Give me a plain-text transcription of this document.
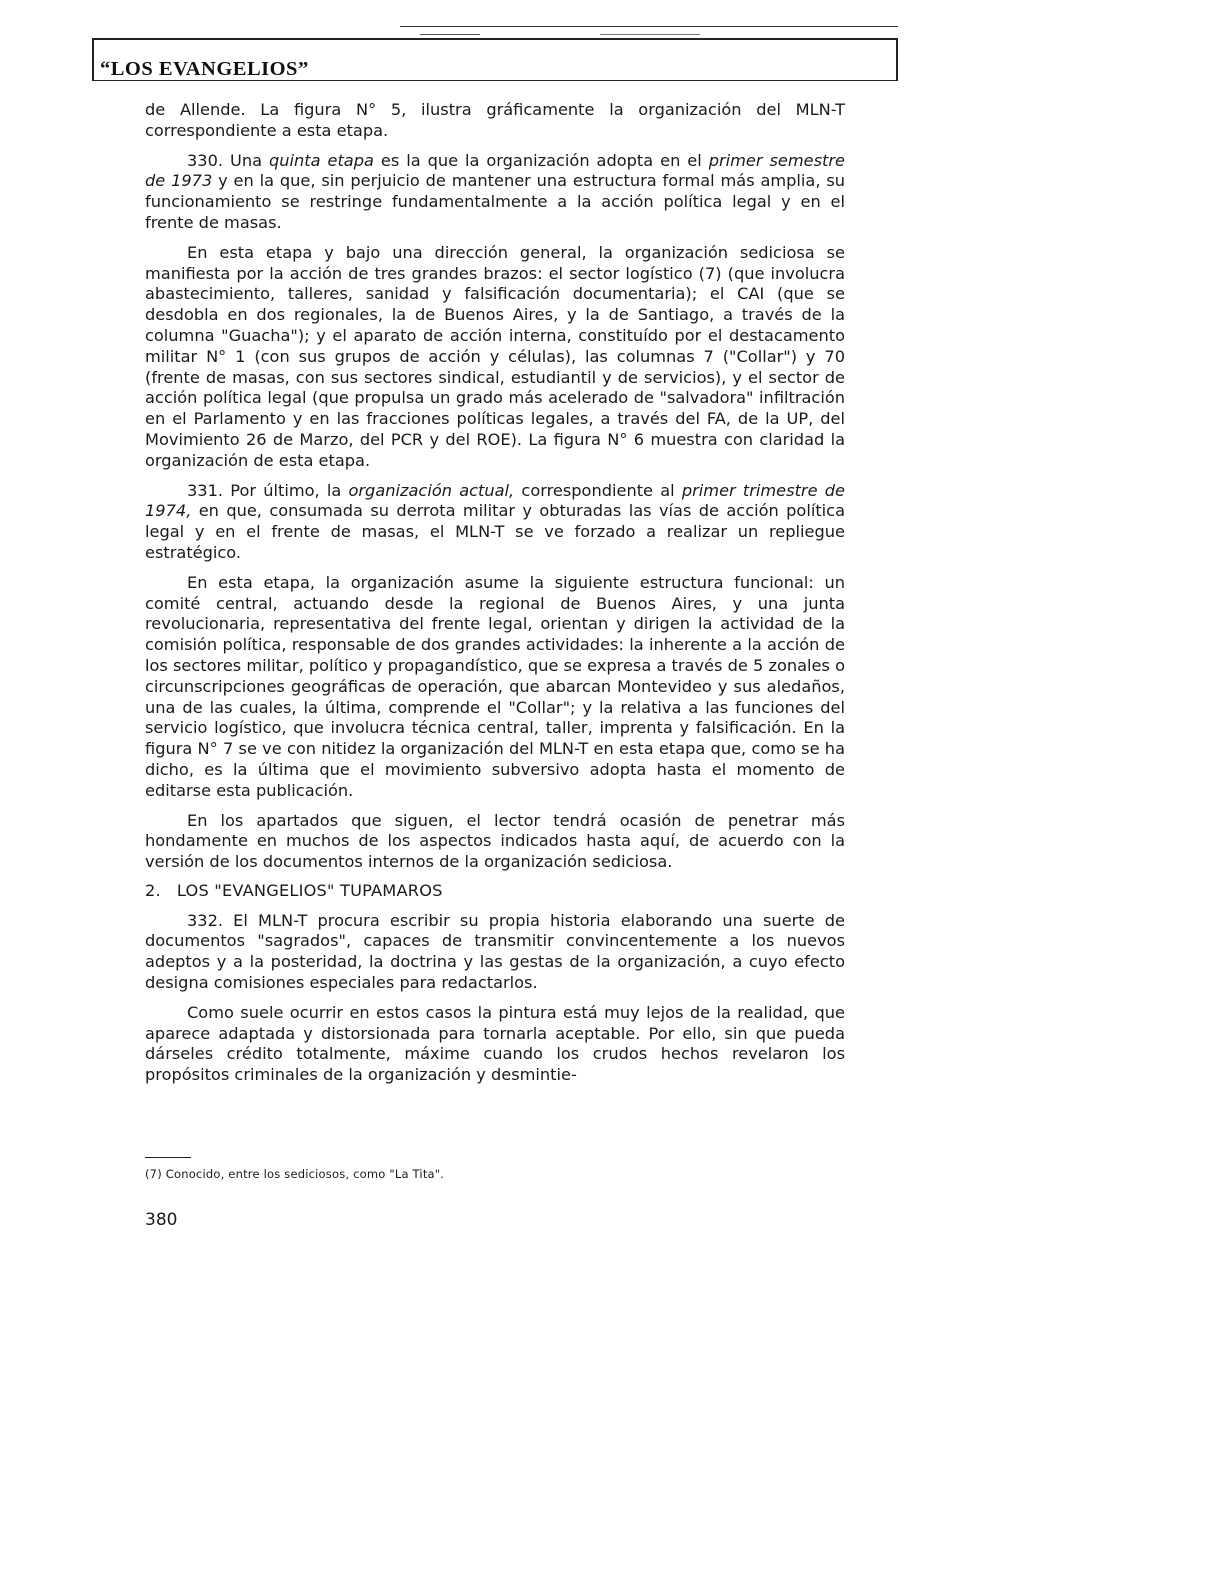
“LOS EVANGELIOS”

de Allende. La figura N° 5, ilustra gráficamente la organización del MLN-T correspondiente a esta etapa.

330. Una quinta etapa es la que la organización adopta en el primer semestre de 1973 y en la que, sin perjuicio de mantener una estructura formal más amplia, su funcionamiento se restringe fundamentalmente a la acción política legal y en el frente de masas.

En esta etapa y bajo una dirección general, la organización sediciosa se manifiesta por la acción de tres grandes brazos: el sector logístico (7) (que involucra abastecimiento, talleres, sanidad y falsificación documentaria); el CAI (que se desdobla en dos regionales, la de Buenos Aires, y la de Santiago, a través de la columna "Guacha"); y el aparato de acción interna, constituído por el destacamento militar N° 1 (con sus grupos de acción y células), las columnas 7 ("Collar") y 70 (frente de masas, con sus sectores sindical, estudiantil y de servicios), y el sector de acción política legal (que propulsa un grado más acelerado de "salvadora" infiltración en el Parlamento y en las fracciones políticas legales, a través del FA, de la UP, del Movimiento 26 de Marzo, del PCR y del ROE). La figura N° 6 muestra con claridad la organización de esta etapa.

331. Por último, la organización actual, correspondiente al primer trimestre de 1974, en que, consumada su derrota militar y obturadas las vías de acción política legal y en el frente de masas, el MLN-T se ve forzado a realizar un repliegue estratégico.

En esta etapa, la organización asume la siguiente estructura funcional: un comité central, actuando desde la regional de Buenos Aires, y una junta revolucionaria, representativa del frente legal, orientan y dirigen la actividad de la comisión política, responsable de dos grandes actividades: la inherente a la acción de los sectores militar, político y propagandístico, que se expresa a través de 5 zonales o circunscripciones geográficas de operación, que abarcan Montevideo y sus aledaños, una de las cuales, la última, comprende el "Collar"; y la relativa a las funciones del servicio logístico, que involucra técnica central, taller, imprenta y falsificación. En la figura N° 7 se ve con nitidez la organización del MLN-T en esta etapa que, como se ha dicho, es la última que el movimiento subversivo adopta hasta el momento de editarse esta publicación.

En los apartados que siguen, el lector tendrá ocasión de penetrar más hondamente en muchos de los aspectos indicados hasta aquí, de acuerdo con la versión de los documentos internos de la organización sediciosa.

2. LOS "EVANGELIOS" TUPAMAROS

332. El MLN-T procura escribir su propia historia elaborando una suerte de documentos "sagrados", capaces de transmitir convincentemente a los nuevos adeptos y a la posteridad, la doctrina y las gestas de la organización, a cuyo efecto designa comisiones especiales para redactarlos.

Como suele ocurrir en estos casos la pintura está muy lejos de la realidad, que aparece adaptada y distorsionada para tornarla aceptable. Por ello, sin que pueda dárseles crédito totalmente, máxime cuando los crudos hechos revelaron los propósitos criminales de la organización y desmintie-

(7) Conocido, entre los sediciosos, como "La Tita".
380
